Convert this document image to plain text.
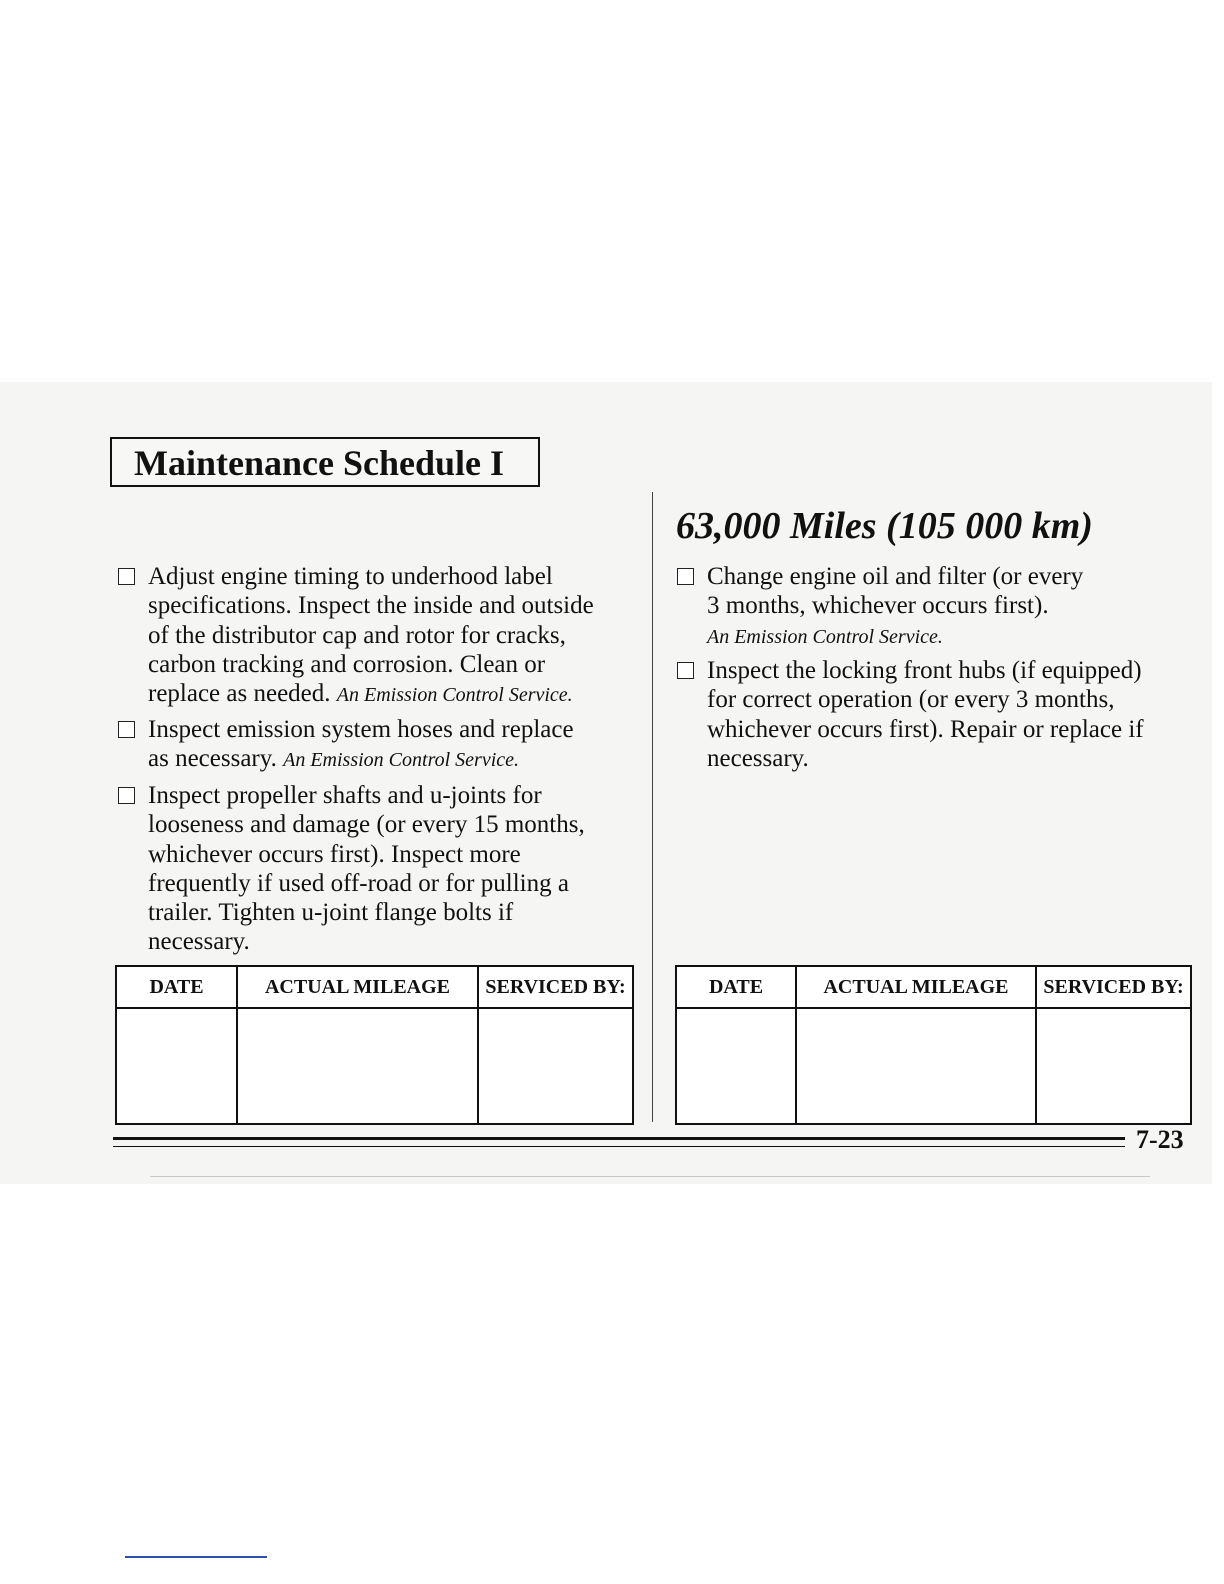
Maintenance Schedule I
Adjust engine timing to underhood label
specifications. Inspect the inside and outside
of the distributor cap and rotor for cracks,
carbon tracking and corrosion. Clean or
replace as needed. An Emission Control Service.
Inspect emission system hoses and replace
as necessary. An Emission Control Service.
Inspect propeller shafts and u-joints for
looseness and damage (or every 15 months,
whichever occurs first). Inspect more
frequently if used off-road or for pulling a
trailer. Tighten u-joint flange bolts if
necessary.
DATE	ACTUAL MILEAGE	SERVICED BY:

63,000 Miles (105 000 km)
Change engine oil and filter (or every
3 months, whichever occurs first).
An Emission Control Service.
Inspect the locking front hubs (if equipped)
for correct operation (or every 3 months,
whichever occurs first). Repair or replace if
necessary.
DATE	ACTUAL MILEAGE	SERVICED BY:

7-23
